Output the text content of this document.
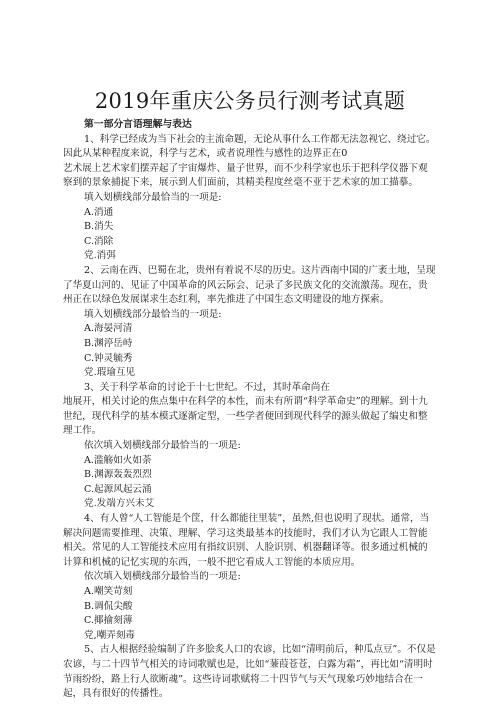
2019年重庆公务员行测考试真题

第一部分言语理解与表达

1、科学已经成为当下社会的主流命题，无论从事什么工作都无法忽视它、绕过它。因此从某种程度来说，科学与艺术，或者说理性与感性的边界正在0

艺术展上艺术家们摆弄起了宇宙爆炸、量子世界，而不少科学家也乐于把科学仪器下观察到的景象捕捉下来，展示到人们面前，其精美程度丝毫不亚于艺术家的加工描摹。

填入划横线部分最恰当的一项是:

A.消通

B.消失

C.消除

党.消弭

2、云南在西、巴蜀在北，贵州有着说不尽的历史。这片西南中国的广袤土地，呈现了华夏山河的、见证了中国革命的风云际会、记录了多民族文化的交流激荡。现在，贵州正在以绿色发展谋求生态红利，率先推进了中国生态文明建设的地方探索。

填入划横线部分最恰当的一项是:

A.海晏河清

B.渊渟岳峙

C.钟灵毓秀

党.瑕瑜互见

3、关于科学革命的讨论于十七世纪。不过，其时革命尚在

地展开，相关讨论的焦点集中在科学的本性，而未有所谓“科学革命史”的理解。到十九世纪，现代科学的基本模式逐渐定型，一些学者便回到现代科学的源头做起了编史和整理工作。

依次填入划横线部分最恰当的一项是:

A.滥觞如火如荼

B.渊源轰轰烈烈

C.起源风起云涌

党.发端方兴未艾

4、有人曾“人工智能是个筐，什么都能往里装”，虽然,但也说明了现状。通常，当解决问题需要推理、决策、理解、学习这类最基本的技能时，我们才认为它跟人工智能相关。常见的人工智能技术应用有指纹识别、人脸识别、机器翻译等。很多通过机械的计算和机械的记忆实现的东西，一般不把它看成人工智能的本质应用。

依次填入划横线部分最恰当的一项是:

A.嘲笑苛刻

B.调侃尖酸

C.揶揄刻薄

党,嘲弄刻毒

5、古人根据经验编制了许多脍炙人口的农谚，比如“清明前后，种瓜点豆”。不仅是农谚，与二十四节气相关的诗词歌赋也是，比如“蒹葭苍苍，白露为霜”，再比如“清明时节雨纷纷，路上行人欲断魂”。这些诗词歌赋将二十四节气与天气现象巧妙地结合在一起，具有很好的传播性。
